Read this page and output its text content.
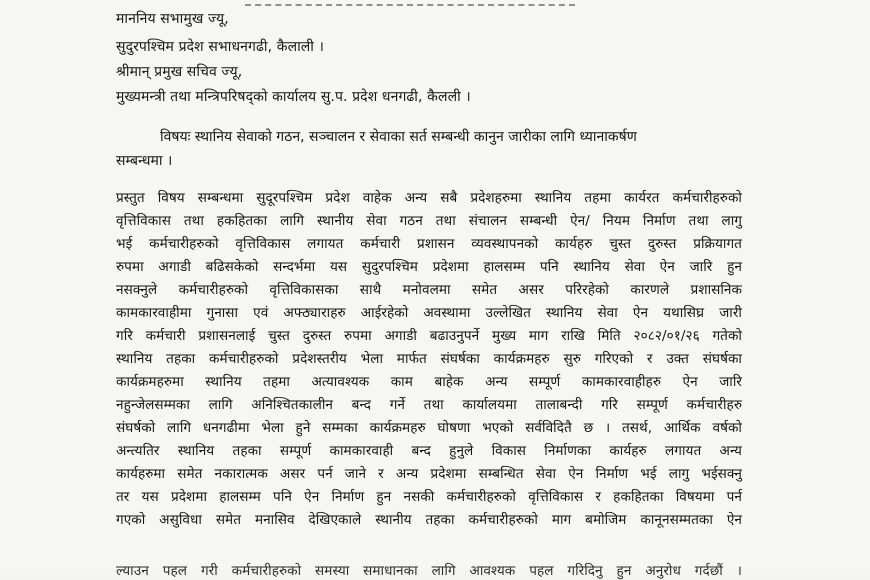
माननिय सभामुख ज्यू,
सुदुरपश्चिम प्रदेश सभाधनगढी, कैलाली ।
श्रीमान् प्रमुख सचिव ज्यू,
मुख्यमन्त्री तथा मन्त्रिपरिषद्को कार्यालय सु.प. प्रदेश धनगढी, कैलली ।
विषयः स्थानिय सेवाको गठन, सञ्चालन र सेवाका सर्त सम्बन्धी कानुन जारीका लागि ध्यानाकर्षण
सम्बन्धमा ।
प्रस्तुत विषय सम्बन्धमा सुदूरपश्चिम प्रदेश वाहेक अन्य सबै प्रदेशहरुमा स्थानिय तहमा कार्यरत कर्मचारीहरुको
वृत्तिविकास तथा हकहितका लागि स्थानीय सेवा गठन तथा संचालन सम्बन्धी ऐन/ नियम निर्माण तथा लागु
भई कर्मचारीहरुको वृत्तिविकास लगायत कर्मचारी प्रशासन व्यवस्थापनको कार्यहरु चुस्त दुरुस्त प्रक्रियागत
रुपमा अगाडी बढिसकेको सन्दर्भमा यस सुदुरपश्चिम प्रदेशमा हालसम्म पनि स्थानिय सेवा ऐन जारि हुन
नसक्नुले कर्मचारीहरुको वृत्तिविकासका साथै मनोवलमा समेत असर परिरहेको कारणले प्रशासनिक
कामकारवाहीमा गुनासा एवं अफ्ठ्याराहरु आईरहेको अवस्थामा उल्लेखित स्थानिय सेवा ऐन यथासिघ्र जारी
गरि कर्मचारी प्रशासनलाई चुस्त दुरुस्त रुपमा अगाडी बढाउनुपर्ने मुख्य माग राखि मिति २०८२/०१/२६ गतेको
स्थानिय तहका कर्मचारीहरुको प्रदेशस्तरीय भेला मार्फत संघर्षका कार्यक्रमहरु सुरु गरिएको र उक्त संघर्षका
कार्यक्रमहरुमा स्थानिय तहमा अत्यावश्यक काम बाहेक अन्य सम्पूर्ण कामकारवाहीहरु ऐन जारि
नहुन्जेलसम्मका लागि अनिश्चितकालीन बन्द गर्ने तथा कार्यालयमा तालाबन्दी गरि सम्पूर्ण कर्मचारीहरु
संघर्षको लागि धनगढीमा भेला हुने सम्मका कार्यक्रमहरु घोषणा भएको सर्वविदितै छ । तसर्थ, आर्थिक वर्षको
अन्त्यतिर स्थानिय तहका सम्पूर्ण कामकारवाही बन्द हुनुले विकास निर्माणका कार्यहरु लगायत अन्य
कार्यहरुमा समेत नकारात्मक असर पर्न जाने र अन्य प्रदेशमा सम्बन्धित सेवा ऐन निर्माण भई लागु भईसक्नु
तर यस प्रदेशमा हालसम्म पनि ऐन निर्माण हुन नसकी कर्मचारीहरुको वृत्तिविकास र हकहितका विषयमा पर्न
गएको असुविधा समेत मनासिव देखिएकाले स्थानीय तहका कर्मचारीहरुको माग बमोजिम कानूनसम्मतका ऐन
ल्याउन पहल गरी कर्मचारीहरुको समस्या समाधानका लागि आवश्यक पहल गरिदिनु हुन अनुरोध गर्दछौं ।
